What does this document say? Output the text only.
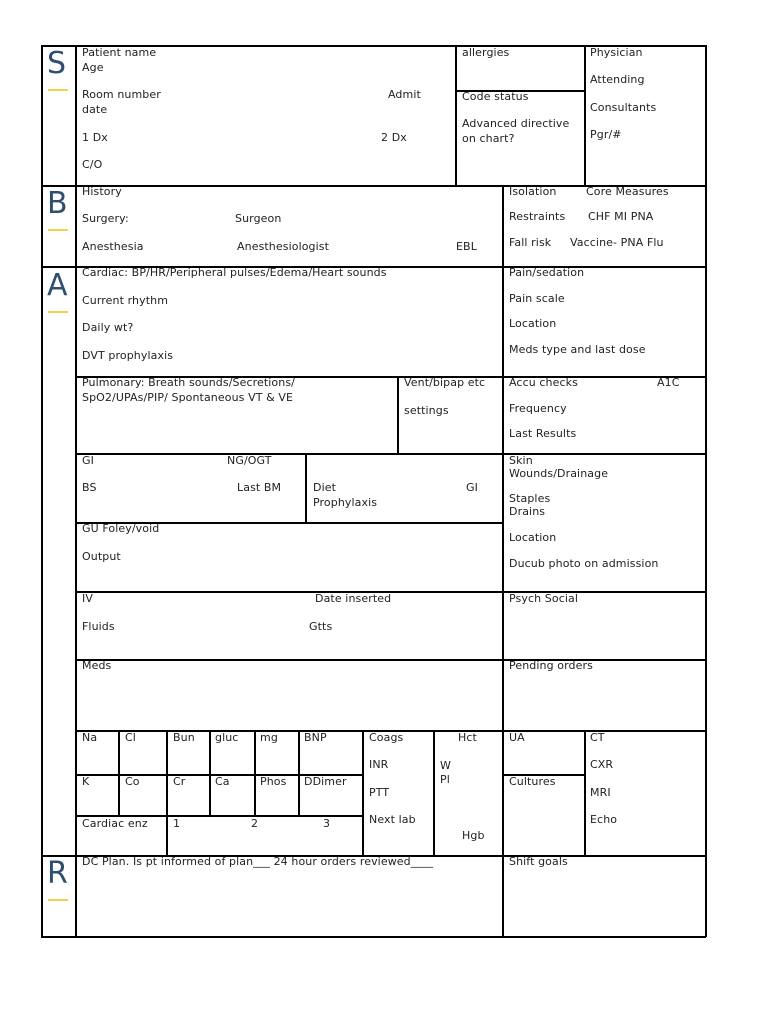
S
B
A
R
Patient name
Age
Room number	Admit
date
1 Dx	2 Dx
C/O
allergies
Code status
Advanced directive
on chart?
Physician
Attending
Consultants
Pgr/#
History
Surgery:	Surgeon
Anesthesia	Anesthesiologist	EBL
Isolation	Core Measures
Restraints CHF MI PNA
Fall risk Vaccine- PNA Flu
Cardiac: BP/HR/Peripheral pulses/Edema/Heart sounds
Current rhythm
Daily wt?
DVT prophylaxis
Pain/sedation
Pain scale
Location
Meds type and last dose
Pulmonary: Breath sounds/Secretions/
SpO2/UPAs/PIP/ Spontaneous VT & VE
Vent/bipap etc
settings
Accu checks	A1C
Frequency
Last Results
GI	NG/OGT
BS	Last BM	Diet	GI
Prophylaxis
Skin
Wounds/Drainage
Staples
Drains
Location
Ducub photo on admission
GU Foley/void
Output
IV	Date inserted
Fluids	Gtts
Psych Social
Meds	Pending orders
Na	Cl	Bun gluc mg BNP
K	Co	Cr	Ca	Phos DDimer
Cardiac enz 1	2	3
Coags
INR
PTT
Next lab
Hct
W
Pl
Hgb
UA
Cultures
CT
CXR
MRI
Echo
DC Plan. Is pt informed of plan___ 24 hour orders reviewed____	Shift goals
